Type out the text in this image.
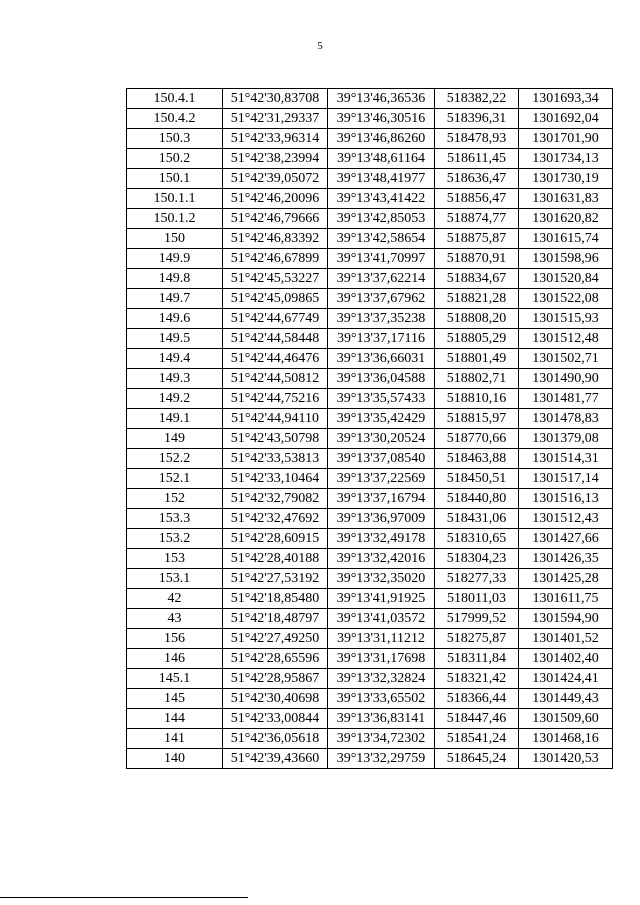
5
150.4.1	51°42'30,83708	39°13'46,36536	518382,22	1301693,34
150.4.2	51°42'31,29337	39°13'46,30516	518396,31	1301692,04
150.3	51°42'33,96314	39°13'46,86260	518478,93	1301701,90
150.2	51°42'38,23994	39°13'48,61164	518611,45	1301734,13
150.1	51°42'39,05072	39°13'48,41977	518636,47	1301730,19
150.1.1	51°42'46,20096	39°13'43,41422	518856,47	1301631,83
150.1.2	51°42'46,79666	39°13'42,85053	518874,77	1301620,82
150	51°42'46,83392	39°13'42,58654	518875,87	1301615,74
149.9	51°42'46,67899	39°13'41,70997	518870,91	1301598,96
149.8	51°42'45,53227	39°13'37,62214	518834,67	1301520,84
149.7	51°42'45,09865	39°13'37,67962	518821,28	1301522,08
149.6	51°42'44,67749	39°13'37,35238	518808,20	1301515,93
149.5	51°42'44,58448	39°13'37,17116	518805,29	1301512,48
149.4	51°42'44,46476	39°13'36,66031	518801,49	1301502,71
149.3	51°42'44,50812	39°13'36,04588	518802,71	1301490,90
149.2	51°42'44,75216	39°13'35,57433	518810,16	1301481,77
149.1	51°42'44,94110	39°13'35,42429	518815,97	1301478,83
149	51°42'43,50798	39°13'30,20524	518770,66	1301379,08
152.2	51°42'33,53813	39°13'37,08540	518463,88	1301514,31
152.1	51°42'33,10464	39°13'37,22569	518450,51	1301517,14
152	51°42'32,79082	39°13'37,16794	518440,80	1301516,13
153.3	51°42'32,47692	39°13'36,97009	518431,06	1301512,43
153.2	51°42'28,60915	39°13'32,49178	518310,65	1301427,66
153	51°42'28,40188	39°13'32,42016	518304,23	1301426,35
153.1	51°42'27,53192	39°13'32,35020	518277,33	1301425,28
42	51°42'18,85480	39°13'41,91925	518011,03	1301611,75
43	51°42'18,48797	39°13'41,03572	517999,52	1301594,90
156	51°42'27,49250	39°13'31,11212	518275,87	1301401,52
146	51°42'28,65596	39°13'31,17698	518311,84	1301402,40
145.1	51°42'28,95867	39°13'32,32824	518321,42	1301424,41
145	51°42'30,40698	39°13'33,65502	518366,44	1301449,43
144	51°42'33,00844	39°13'36,83141	518447,46	1301509,60
141	51°42'36,05618	39°13'34,72302	518541,24	1301468,16
140	51°42'39,43660	39°13'32,29759	518645,24	1301420,53
